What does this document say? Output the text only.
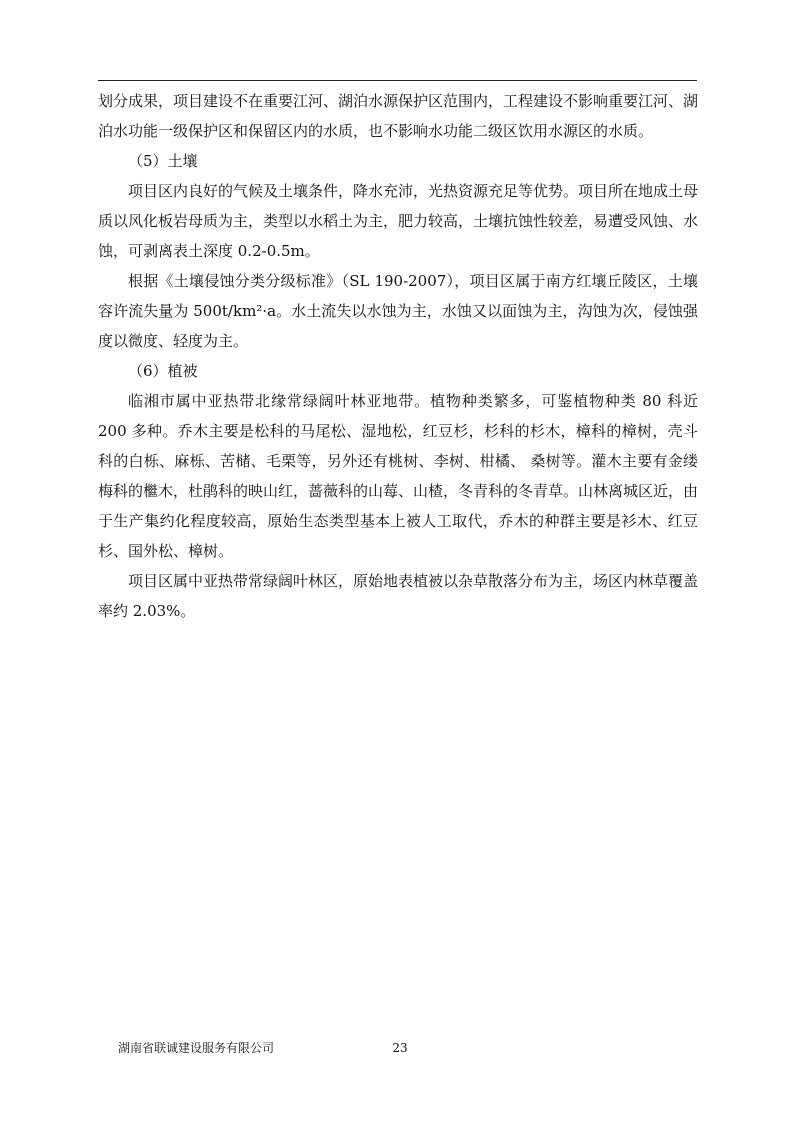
划分成果，项目建设不在重要江河、湖泊水源保护区范围内，工程建设不影响重要江河、湖泊水功能一级保护区和保留区内的水质，也不影响水功能二级区饮用水源区的水质。

（5）土壤

项目区内良好的气候及土壤条件，降水充沛，光热资源充足等优势。项目所在地成土母质以风化板岩母质为主，类型以水稻土为主，肥力较高，土壤抗蚀性较差，易遭受风蚀、水蚀，可剥离表土深度 0.2-0.5m。

根据《土壤侵蚀分类分级标准》（SL 190-2007），项目区属于南方红壤丘陵区，土壤容许流失量为 500t/km²·a。水土流失以水蚀为主，水蚀又以面蚀为主，沟蚀为次，侵蚀强度以微度、轻度为主。

（6）植被

临湘市属中亚热带北缘常绿阔叶林亚地带。植物种类繁多，可鉴植物种类 80 科近 200 多种。乔木主要是松科的马尾松、湿地松，红豆杉，杉科的杉木，樟科的樟树，壳斗科的白栎、麻栎、苦槠、毛栗等，另外还有桃树、李树、柑橘、 桑树等。灌木主要有金缕梅科的檵木，杜鹃科的映山红，蔷薇科的山莓、山楂，冬青科的冬青草。山林离城区近，由于生产集约化程度较高，原始生态类型基本上被人工取代，乔木的种群主要是衫木、红豆杉、国外松、樟树。

项目区属中亚热带常绿阔叶林区，原始地表植被以杂草散落分布为主，场区内林草覆盖率约 2.03%。

湖南省联诚建设服务有限公司	23
